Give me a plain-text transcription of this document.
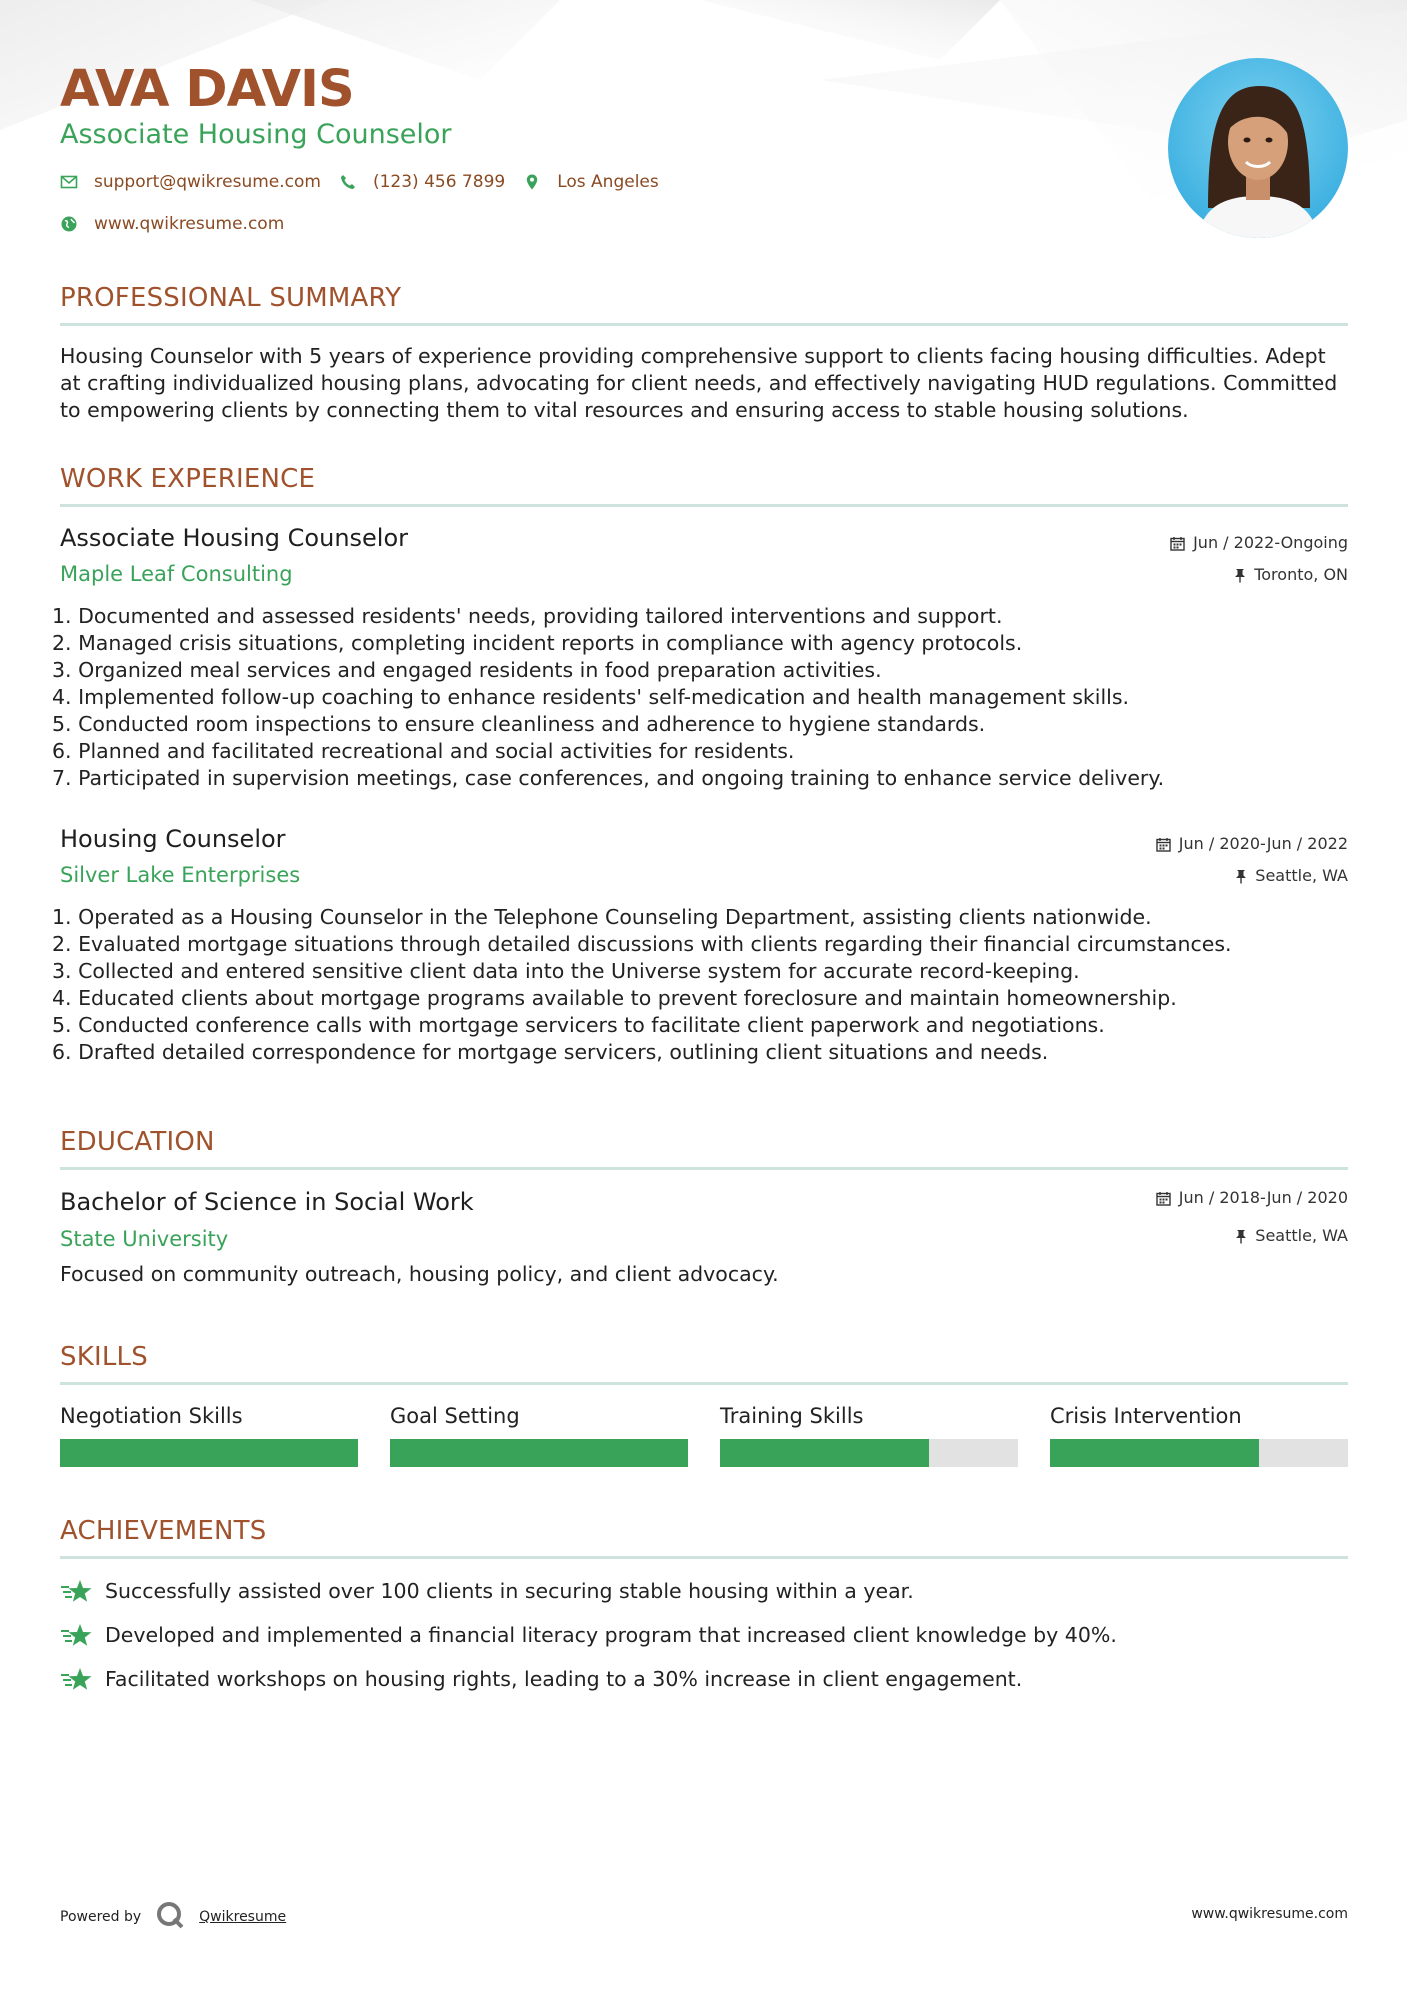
AVA DAVIS
Associate Housing Counselor
support@qwikresume.com	(123) 456 7899	Los Angeles
www.qwikresume.com
PROFESSIONAL SUMMARY
Housing Counselor with 5 years of experience providing comprehensive support to clients facing housing difficulties. Adept at crafting individualized housing plans, advocating for client needs, and effectively navigating HUD regulations. Committed to empowering clients by connecting them to vital resources and ensuring access to stable housing solutions.
WORK EXPERIENCE
Associate Housing Counselor
Maple Leaf Consulting
Jun / 2022-Ongoing
Toronto, ON
1. Documented and assessed residents' needs, providing tailored interventions and support.
2. Managed crisis situations, completing incident reports in compliance with agency protocols.
3. Organized meal services and engaged residents in food preparation activities.
4. Implemented follow-up coaching to enhance residents' self-medication and health management skills.
5. Conducted room inspections to ensure cleanliness and adherence to hygiene standards.
6. Planned and facilitated recreational and social activities for residents.
7. Participated in supervision meetings, case conferences, and ongoing training to enhance service delivery.
Housing Counselor
Silver Lake Enterprises
Jun / 2020-Jun / 2022
Seattle, WA
1. Operated as a Housing Counselor in the Telephone Counseling Department, assisting clients nationwide.
2. Evaluated mortgage situations through detailed discussions with clients regarding their financial circumstances.
3. Collected and entered sensitive client data into the Universe system for accurate record-keeping.
4. Educated clients about mortgage programs available to prevent foreclosure and maintain homeownership.
5. Conducted conference calls with mortgage servicers to facilitate client paperwork and negotiations.
6. Drafted detailed correspondence for mortgage servicers, outlining client situations and needs.
EDUCATION
Bachelor of Science in Social Work
State University
Jun / 2018-Jun / 2020
Seattle, WA
Focused on community outreach, housing policy, and client advocacy.
SKILLS
Negotiation Skills	Goal Setting	Training Skills	Crisis Intervention
ACHIEVEMENTS
Successfully assisted over 100 clients in securing stable housing within a year.
Developed and implemented a financial literacy program that increased client knowledge by 40%.
Facilitated workshops on housing rights, leading to a 30% increase in client engagement.
Powered by	Qwikresume	www.qwikresume.com
